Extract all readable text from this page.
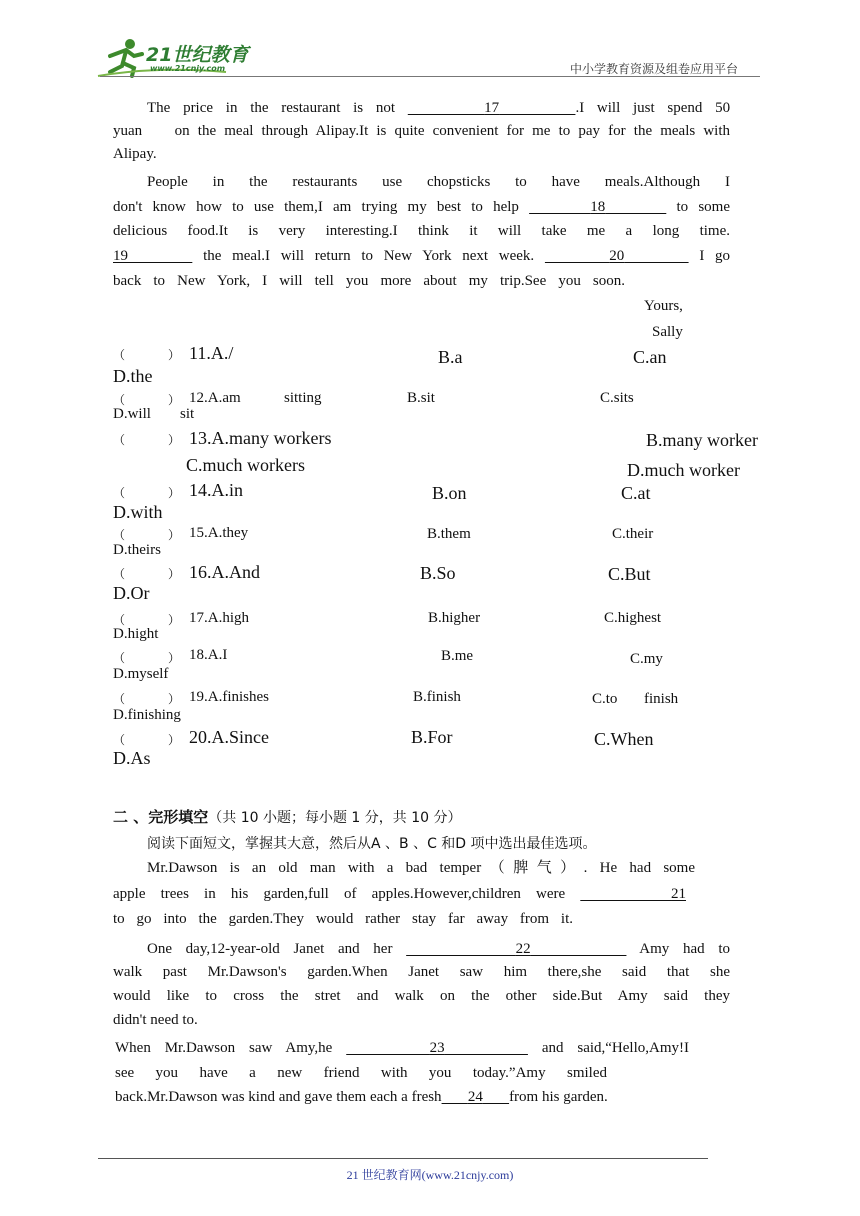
21世纪教育
www.21cnjy.com	中小学教育资源及组卷应用平台
The price in the restaurant is not	17	.I will just spend 50
yuan on the meal through Alipay.It is quite convenient for me to pay for the meals with
Alipay.
People in the restaurants use chopsticks to have meals.Although I
don't know how to use them,I am trying my best to help	18	to some
delicious food.It is very interesting.I think it will take me a long time.
19	the meal.I will return to New York next week.	20	I go
back to New York, I will tell you more about my trip.See you soon.
Yours,
Sally
（	） 11.A./	B.a	C.an
D.the
（	） 12.A.am	sitting	B.sit	C.sits
D.will sit
（	） 13.A.many workers	B.many worker
C.much workers	D.much worker
（	） 14.A.in	B.on	C.at
D.with
（	） 15.A.they	B.them	C.their
D.theirs
（	） 16.A.And	B.So	C.But
D.Or
（	） 17.A.high	B.higher	C.highest
D.hight
（	） 18.A.I	B.me	C.my
D.myself
（	） 19.A.finishes	B.finish	C.to finish
D.finishing
（	） 20.A.Since	B.For	C.When
D.As
二 、完形填空（共 10 小题；每小题 1 分，共 10 分）
阅读下面短文，掌握其大意，然后从A 、B 、C 和D 项中选出最佳选项。
Mr.Dawson is an old man with a bad temper（脾气）. He had some
apple trees in his garden,full of apples.However,children were	21
to go into the garden.They would rather stay far away from it.
One day,12-year-old Janet and her	22	Amy had to
walk past Mr.Dawson's garden.When Janet saw him there,she said that she
would like to cross the stret and walk on the other side.But Amy said they
didn't need to.
When Mr.Dawson saw Amy,he	23	and said,“Hello,Amy!I
see you have a new friend with you today.”Amy smiled
back.Mr.Dawson was kind and gave them each a fresh 24 from his garden.
21 世纪教育网(www.21cnjy.com)
